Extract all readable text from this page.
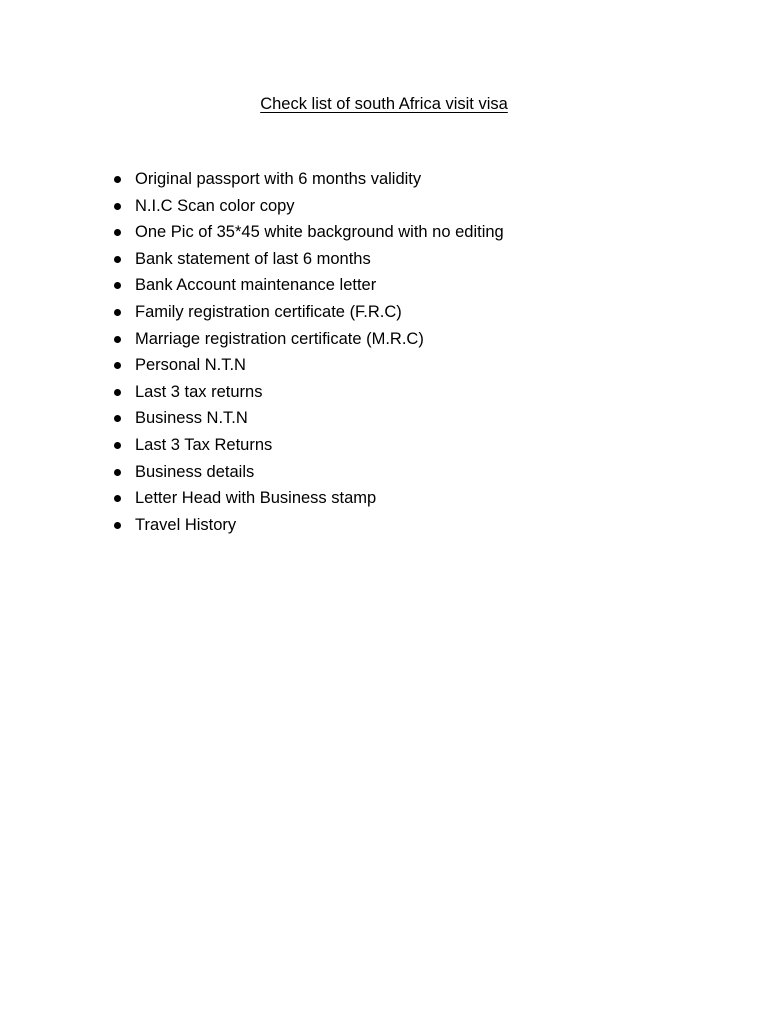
Check list of south Africa visit visa
Original passport with 6 months validity
N.I.C Scan color copy
One Pic of 35*45 white background with no editing
Bank statement of last 6 months
Bank Account maintenance letter
Family registration certificate (F.R.C)
Marriage registration certificate (M.R.C)
Personal N.T.N
Last 3 tax returns
Business N.T.N
Last 3 Tax Returns
Business details
Letter Head with Business stamp
Travel History
